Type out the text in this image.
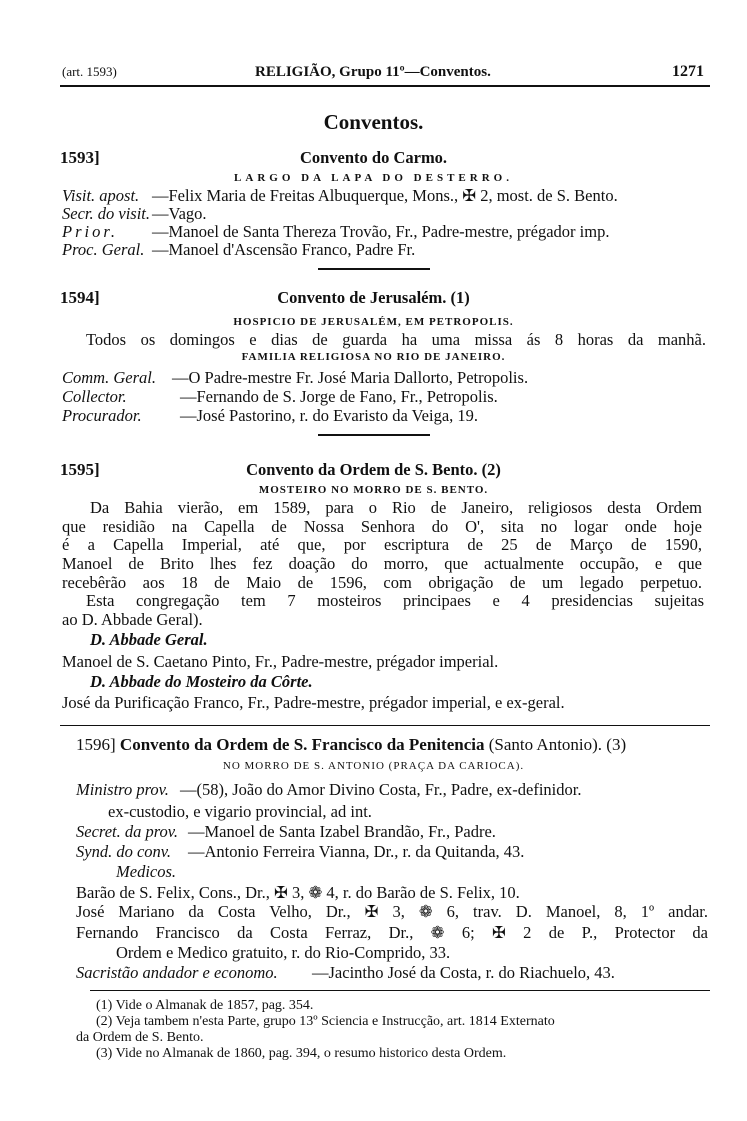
(art. 1593)	RELIGIÃO, Grupo 11º—Conventos.	1271
Conventos.
1593]	Convento do Carmo.
LARGO DA LAPA DO DESTERRO.
Visit. apost. —Felix Maria de Freitas Albuquerque, Mons., ✠ 2, most. de S. Bento.
Secr. do visit. —Vago.
Prior. —Manoel de Santa Thereza Trovão, Fr., Padre-mestre, prégador imp.
Proc. Geral. —Manoel d'Ascensão Franco, Padre Fr.
1594]	Convento de Jerusalém. (1)
HOSPICIO DE JERUSALÉM, EM PETROPOLIS.
Todos os domingos e dias de guarda ha uma missa ás 8 horas da manhã.
FAMILIA RELIGIOSA NO RIO DE JANEIRO.
Comm. Geral. —O Padre-mestre Fr. José Maria Dallorto, Petropolis.
Collector.	—Fernando de S. Jorge de Fano, Fr., Petropolis.
Procurador. —José Pastorino, r. do Evaristo da Veiga, 19.
1595]	Convento da Ordem de S. Bento. (2)
MOSTEIRO NO MORRO DE S. BENTO.
Da Bahia vierão, em 1589, para o Rio de Janeiro, religiosos desta Ordem
que residião na Capella de Nossa Senhora do O', sita no logar onde hoje
é a Capella Imperial, até que, por escriptura de 25 de Março de 1590,
Manoel de Brito lhes fez doação do morro, que actualmente occupão, e que
recebêrão aos 18 de Maio de 1596, com obrigação de um legado perpetuo.
Esta congregação tem 7 mosteiros principaes e 4 presidencias sujeitas
ao D. Abbade Geral).
D. Abbade Geral.
Manoel de S. Caetano Pinto, Fr., Padre-mestre, prégador imperial.
D. Abbade do Mosteiro da Côrte.
José da Purificação Franco, Fr., Padre-mestre, prégador imperial, e ex-geral.
1596] Convento da Ordem de S. Francisco da Penitencia (Santo Antonio). (3)
NO MORRO DE S. ANTONIO (PRAÇA DA CARIOCA).
Ministro prov. —(58), João do Amor Divino Costa, Fr., Padre, ex-definidor.
ex-custodio, e vigario provincial, ad int.
Secret. da prov. —Manoel de Santa Izabel Brandão, Fr., Padre.
Synd. do conv. —Antonio Ferreira Vianna, Dr., r. da Quitanda, 43.
Medicos.
Barão de S. Felix, Cons., Dr., ✠ 3, ❁ 4, r. do Barão de S. Felix, 10.
José Mariano da Costa Velho, Dr., ✠ 3, ❁ 6, trav. D. Manoel, 8, 1º andar.
Fernando Francisco da Costa Ferraz, Dr., ❁ 6; ✠ 2 de P., Protector da
Ordem e Medico gratuito, r. do Rio-Comprido, 33.
Sacristão andador e economo. —Jacintho José da Costa, r. do Riachuelo, 43.
(1) Vide o Almanak de 1857, pag. 354.
(2) Veja tambem n'esta Parte, grupo 13º Sciencia e Instrucção, art. 1814 Externato
da Ordem de S. Bento.
(3) Vide no Almanak de 1860, pag. 394, o resumo historico desta Ordem.
